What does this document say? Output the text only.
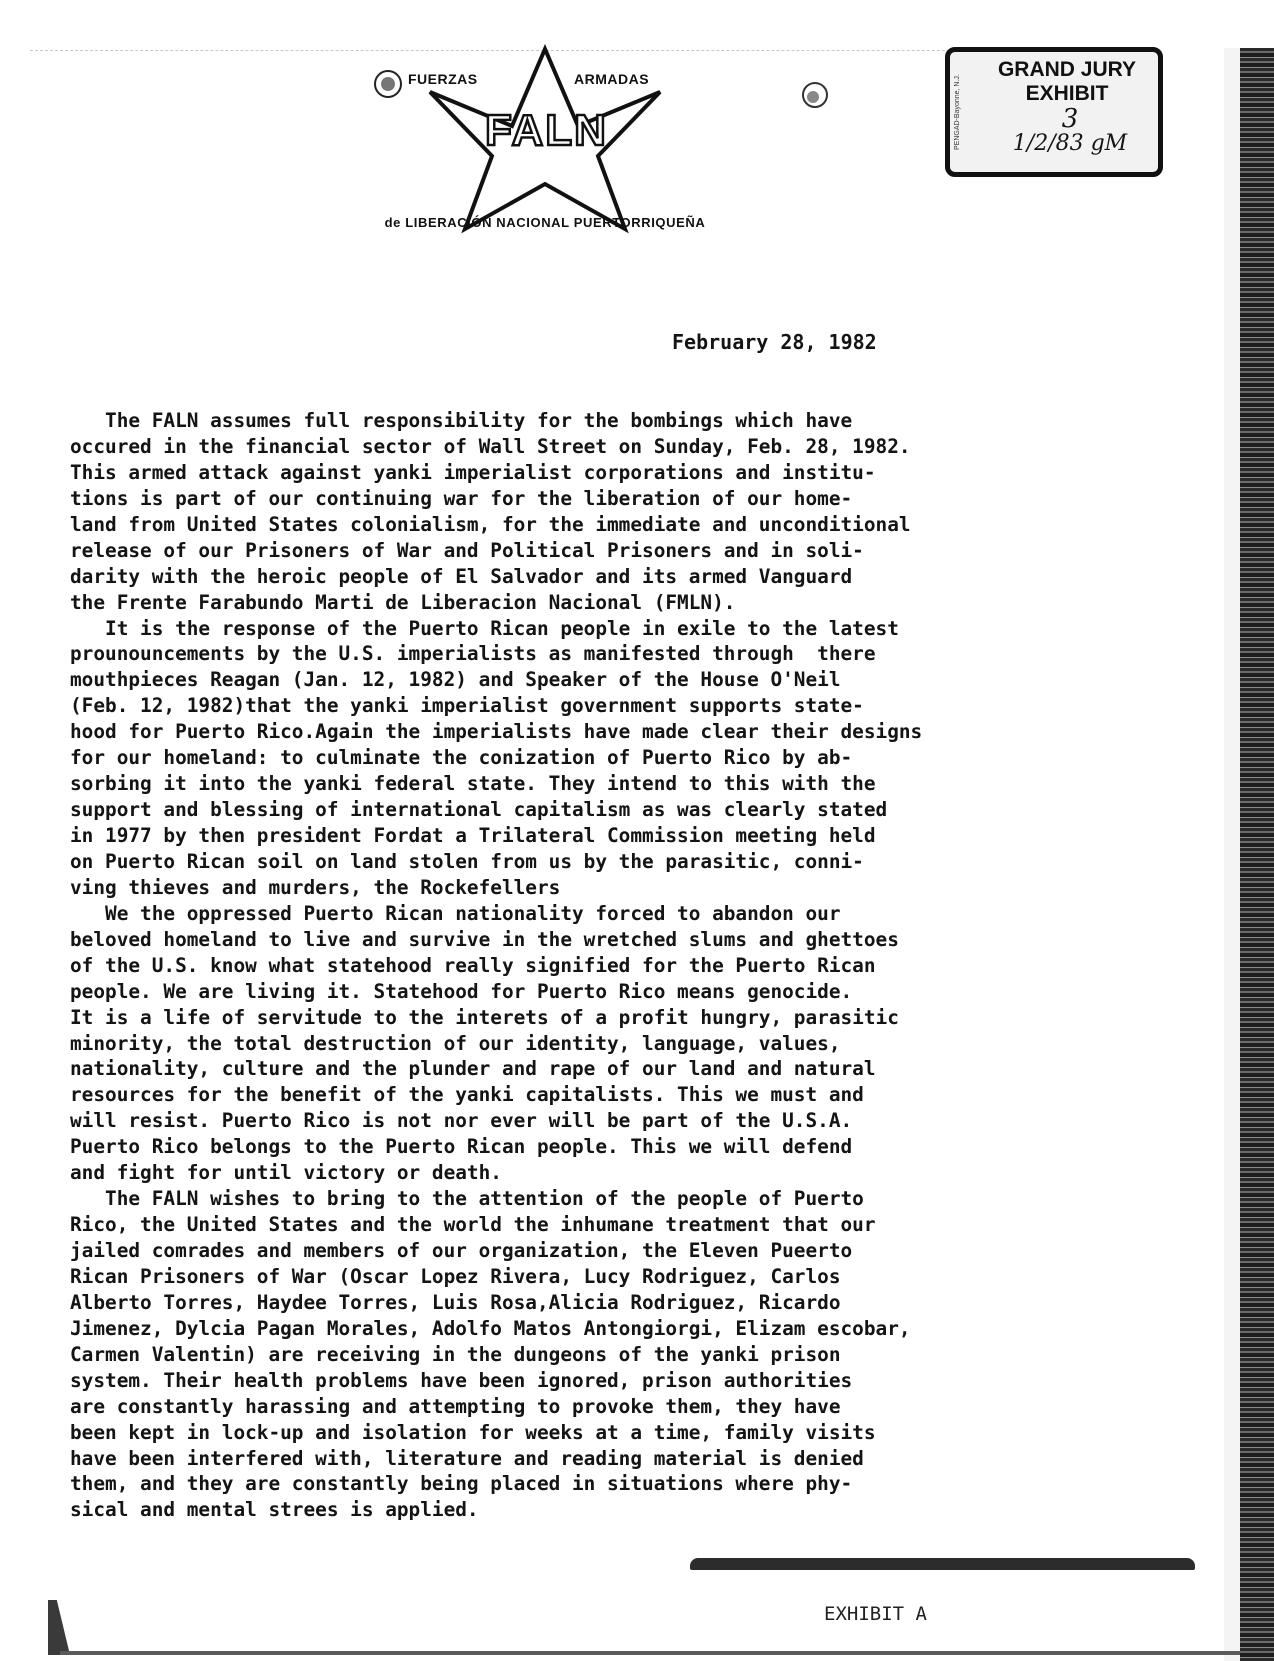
FUERZAS	ARMADAS
FALN
de LIBERACIÓN NACIONAL PUERTORRIQUEÑA
PENGAD-Bayonne, N.J.
GRAND JURY
EXHIBIT
3
1/2/83 gM
February 28, 1982
The FALN assumes full responsibility for the bombings which have
occured in the financial sector of Wall Street on Sunday, Feb. 28, 1982.
This armed attack against yanki imperialist corporations and institu-
tions is part of our continuing war for the liberation of our home-
land from United States colonialism, for the immediate and unconditional
release of our Prisoners of War and Political Prisoners and in soli-
darity with the heroic people of El Salvador and its armed Vanguard
the Frente Farabundo Marti de Liberacion Nacional (FMLN).
It is the response of the Puerto Rican people in exile to the latest
prounouncements by the U.S. imperialists as manifested through  there
mouthpieces Reagan (Jan. 12, 1982) and Speaker of the House O'Neil
(Feb. 12, 1982)that the yanki imperialist government supports state-
hood for Puerto Rico.Again the imperialists have made clear their designs
for our homeland: to culminate the conization of Puerto Rico by ab-
sorbing it into the yanki federal state. They intend to this with the
support and blessing of international capitalism as was clearly stated
in 1977 by then president Fordat a Trilateral Commission meeting held
on Puerto Rican soil on land stolen from us by the parasitic, conni-
ving thieves and murders, the Rockefellers
We the oppressed Puerto Rican nationality forced to abandon our
beloved homeland to live and survive in the wretched slums and ghettoes
of the U.S. know what statehood really signified for the Puerto Rican
people. We are living it. Statehood for Puerto Rico means genocide.
It is a life of servitude to the interets of a profit hungry, parasitic
minority, the total destruction of our identity, language, values,
nationality, culture and the plunder and rape of our land and natural
resources for the benefit of the yanki capitalists. This we must and
will resist. Puerto Rico is not nor ever will be part of the U.S.A.
Puerto Rico belongs to the Puerto Rican people. This we will defend
and fight for until victory or death.
The FALN wishes to bring to the attention of the people of Puerto
Rico, the United States and the world the inhumane treatment that our
jailed comrades and members of our organization, the Eleven Pueerto
Rican Prisoners of War (Oscar Lopez Rivera, Lucy Rodriguez, Carlos
Alberto Torres, Haydee Torres, Luis Rosa,Alicia Rodriguez, Ricardo
Jimenez, Dylcia Pagan Morales, Adolfo Matos Antongiorgi, Elizam escobar,
Carmen Valentin) are receiving in the dungeons of the yanki prison
system. Their health problems have been ignored, prison authorities
are constantly harassing and attempting to provoke them, they have
been kept in lock-up and isolation for weeks at a time, family visits
have been interfered with, literature and reading material is denied
them, and they are constantly being placed in situations where phy-
sical and mental strees is applied.
EXHIBIT A
